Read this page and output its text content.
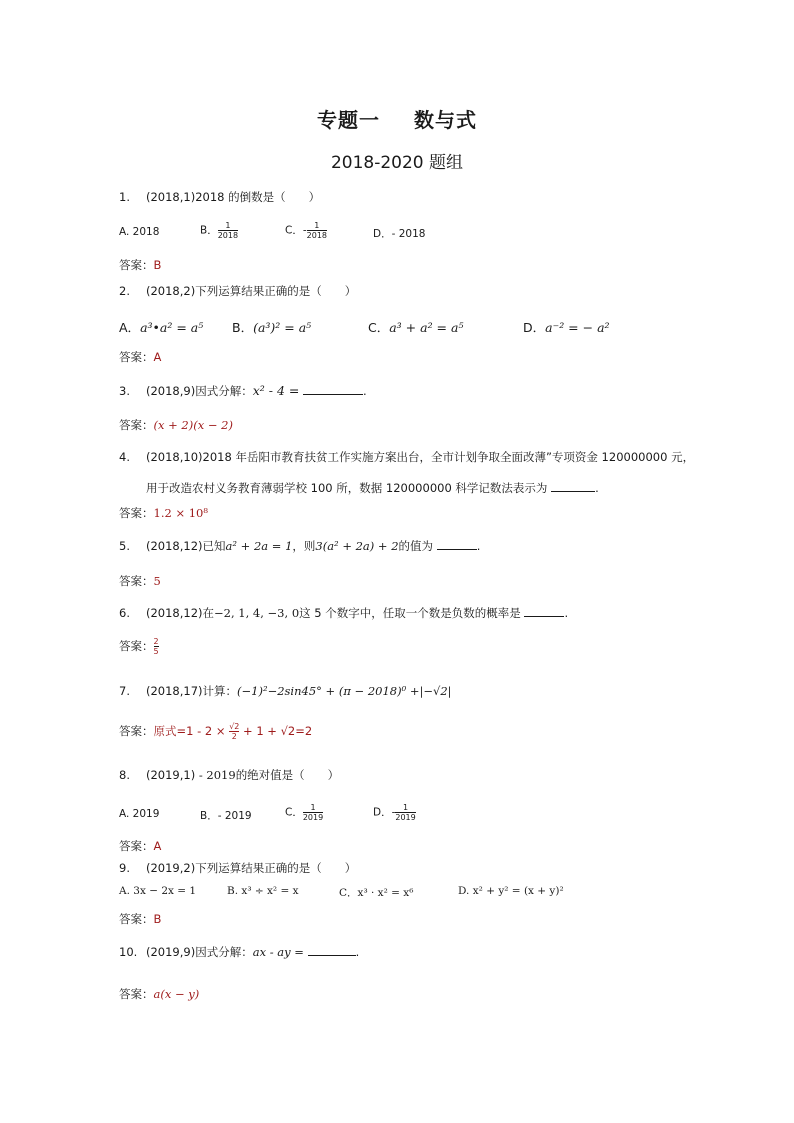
专题一 数与式
2018-2020 题组
1. (2018,1)2018 的倒数是（　　）
A. 2018	B． $\frac{1}{2018}$	C．- $\frac{1}{2018}$	D．- 2018
答案：B
2. (2018,2)下列运算结果正确的是（　　）
A．a³•a² = a⁵ B．(a³)² = a⁵	C．a³ + a² = a⁵	D．a⁻² = − a²
答案：A
3. (2018,9)因式分解：x² - 4 =	.
答案：(x + 2)(x − 2)
4. (2018,10)2018 年岳阳市教育扶贫工作实施方案出台，全市计划争取全面改薄”专项资金 120000000 元，
用于改造农村义务教育薄弱学校 100 所，数据 120000000 科学记数法表示为	.
答案：1.2 × 10⁸
5. (2018,12)已知a² + 2a = 1，则3(a² + 2a) + 2的值为	.
答案：5
6. (2018,12)在−2, 1, 4, −3, 0这 5 个数字中，任取一个数是负数的概率是	.
答案： $\frac{2}{5}$
7. (2018,17)计算：(−1)²−2sin45° + (π − 2018)⁰ +|−√2|
答案：原式$=1 - 2 \times \frac{√2}{2} + 1 + √2=2$
8. (2019,1) - 2019的绝对值是（　　）
A. 2019	B．- 2019	C． $\frac{1}{2019}$	D．- $\frac{1}{2019}$
答案：A
9. (2019,2)下列运算结果正确的是（　　）
A. 3x − 2x = 1	B. x³ ÷ x² = x	C．x³ · x² = x⁶	D. x² + y² = (x + y)²
答案：B
10. (2019,9)因式分解：ax - ay =	.
答案：a(x − y)
